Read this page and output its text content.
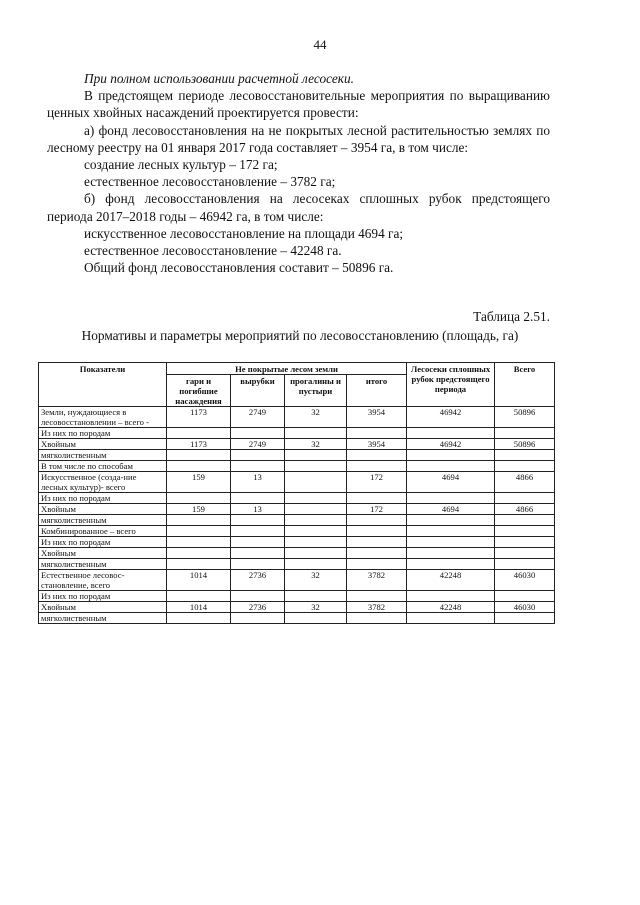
44

При полном использовании расчетной лесосеки.

В предстоящем периоде лесовосстановительные мероприятия по выращиванию ценных хвойных насаждений проектируется провести:

а) фонд лесовосстановления на не покрытых лесной растительностью землях по лесному реестру на 01 января 2017 года составляет – 3954 га, в том числе:

создание лесных культур – 172 га;

естественное лесовосстановление – 3782 га;

б) фонд лесовосстановления на лесосеках сплошных рубок предстоящего периода 2017–2018 годы – 46942 га, в том числе:

искусственное лесовосстановление на площади 4694 га;

естественное лесовосстановление – 42248 га.

Общий фонд лесовосстановления составит – 50896 га.

Таблица 2.51.
Нормативы и параметры мероприятий по лесовосстановлению (площадь, га)
Показатели	Не покрытые лесом земли				Лесосеки сплошных рубок предстоящего периода	Всего
	гари и погибшие насаждения	вырубки	прогалины и пустыри	итого		
Земли, нуждающиеся в лесовосстановлении – всего -	1173	2749	32	3954	46942	50896
Из них по породам						
Хвойным	1173	2749	32	3954	46942	50896
мягколиственным						
В том числе по способам						
Искусственное (созда-ние лесных культур)- всего	159	13		172	4694	4866
Из них по породам						
Хвойным	159	13		172	4694	4866
мягколиственным						
Комбинированное – всего						
Из них по породам						
Хвойным						
мягколиственным						
Естественное лесовос-становление, всего	1014	2736	32	3782	42248	46030
Из них по породам						
Хвойным	1014	2736	32	3782	42248	46030
мягколиственным						
